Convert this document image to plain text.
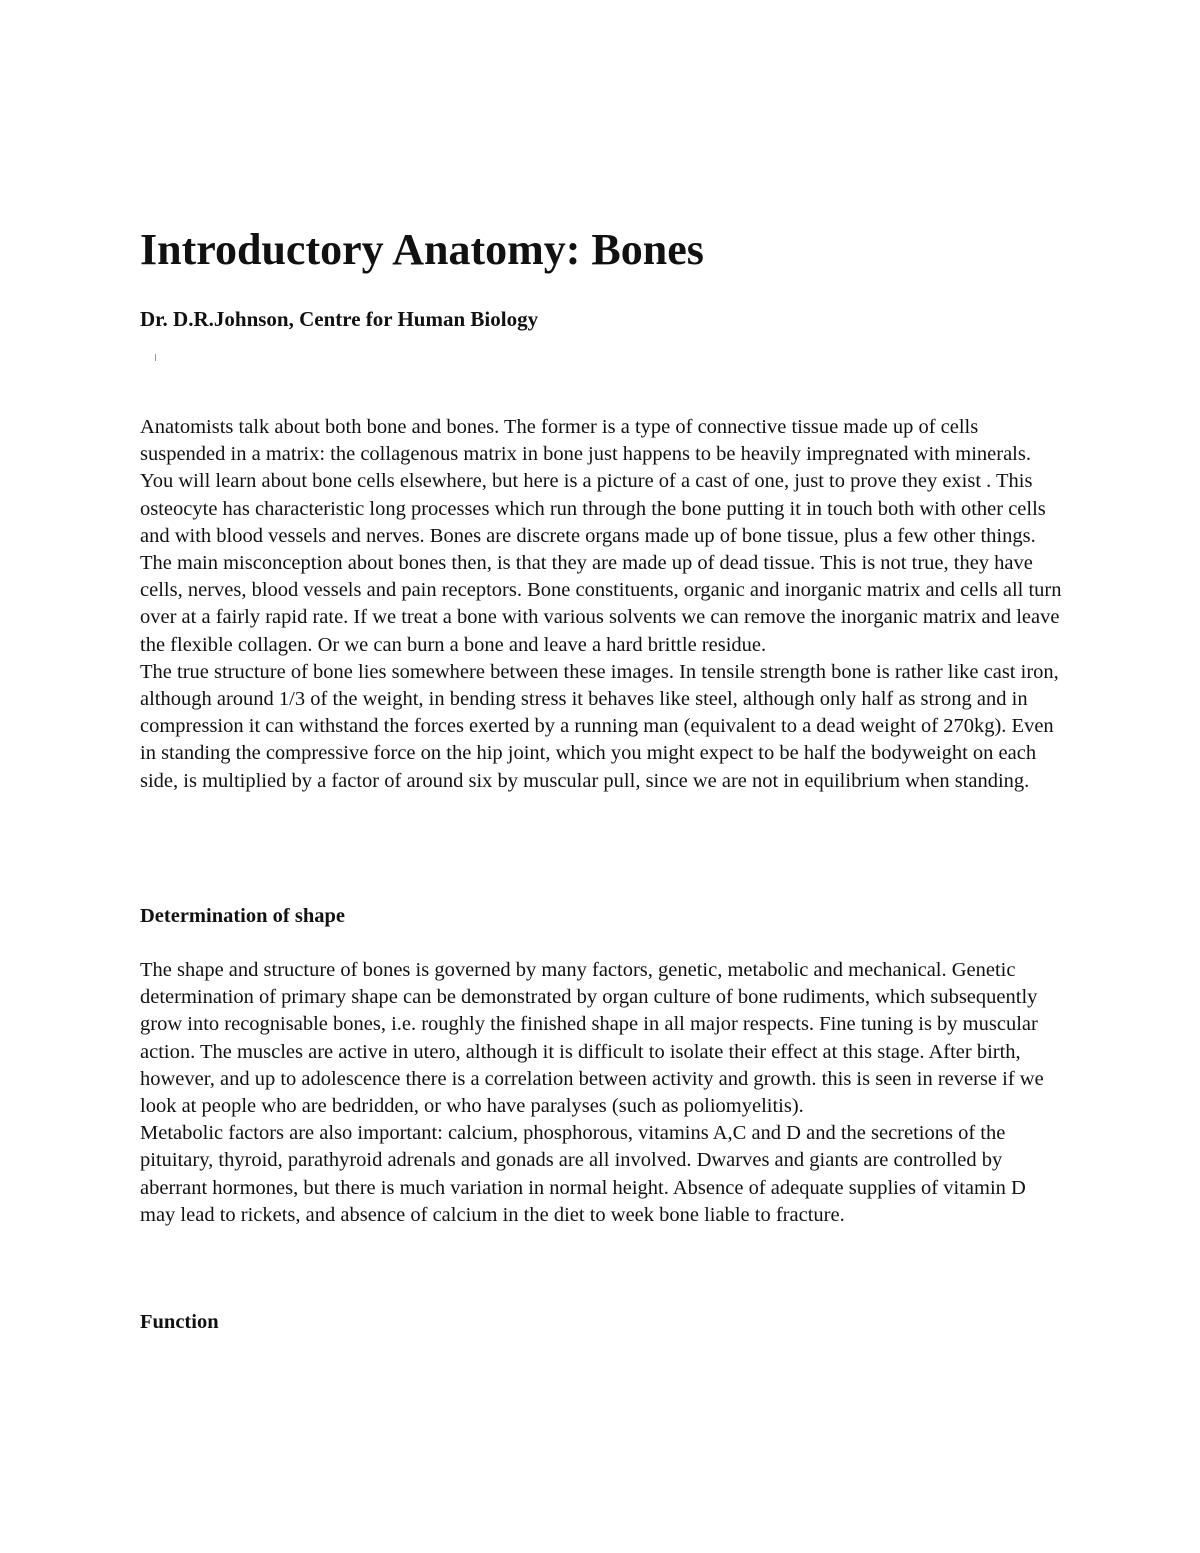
Introductory Anatomy: Bones
Dr. D.R.Johnson, Centre for Human Biology

Anatomists talk about both bone and bones. The former is a type of connective tissue made up of cells suspended in a matrix: the collagenous matrix in bone just happens to be heavily impregnated with minerals. You will learn about bone cells elsewhere, but here is a picture of a cast of one, just to prove they exist . This osteocyte has characteristic long processes which run through the bone putting it in touch both with other cells and with blood vessels and nerves. Bones are discrete organs made up of bone tissue, plus a few other things.

The main misconception about bones then, is that they are made up of dead tissue. This is not true, they have cells, nerves, blood vessels and pain receptors. Bone constituents, organic and inorganic matrix and cells all turn over at a fairly rapid rate. If we treat a bone with various solvents we can remove the inorganic matrix and leave the flexible collagen. Or we can burn a bone and leave a hard brittle residue.

The true structure of bone lies somewhere between these images. In tensile strength bone is rather like cast iron, although around 1/3 of the weight, in bending stress it behaves like steel, although only half as strong and in compression it can withstand the forces exerted by a running man (equivalent to a dead weight of 270kg). Even in standing the compressive force on the hip joint, which you might expect to be half the bodyweight on each side, is multiplied by a factor of around six by muscular pull, since we are not in equilibrium when standing.

Determination of shape

The shape and structure of bones is governed by many factors, genetic, metabolic and mechanical. Genetic determination of primary shape can be demonstrated by organ culture of bone rudiments, which subsequently grow into recognisable bones, i.e. roughly the finished shape in all major respects. Fine tuning is by muscular action. The muscles are active in utero, although it is difficult to isolate their effect at this stage. After birth, however, and up to adolescence there is a correlation between activity and growth. this is seen in reverse if we look at people who are bedridden, or who have paralyses (such as poliomyelitis).

Metabolic factors are also important: calcium, phosphorous, vitamins A,C and D and the secretions of the pituitary, thyroid, parathyroid adrenals and gonads are all involved. Dwarves and giants are controlled by aberrant hormones, but there is much variation in normal height. Absence of adequate supplies of vitamin D may lead to rickets, and absence of calcium in the diet to week bone liable to fracture.

Function
